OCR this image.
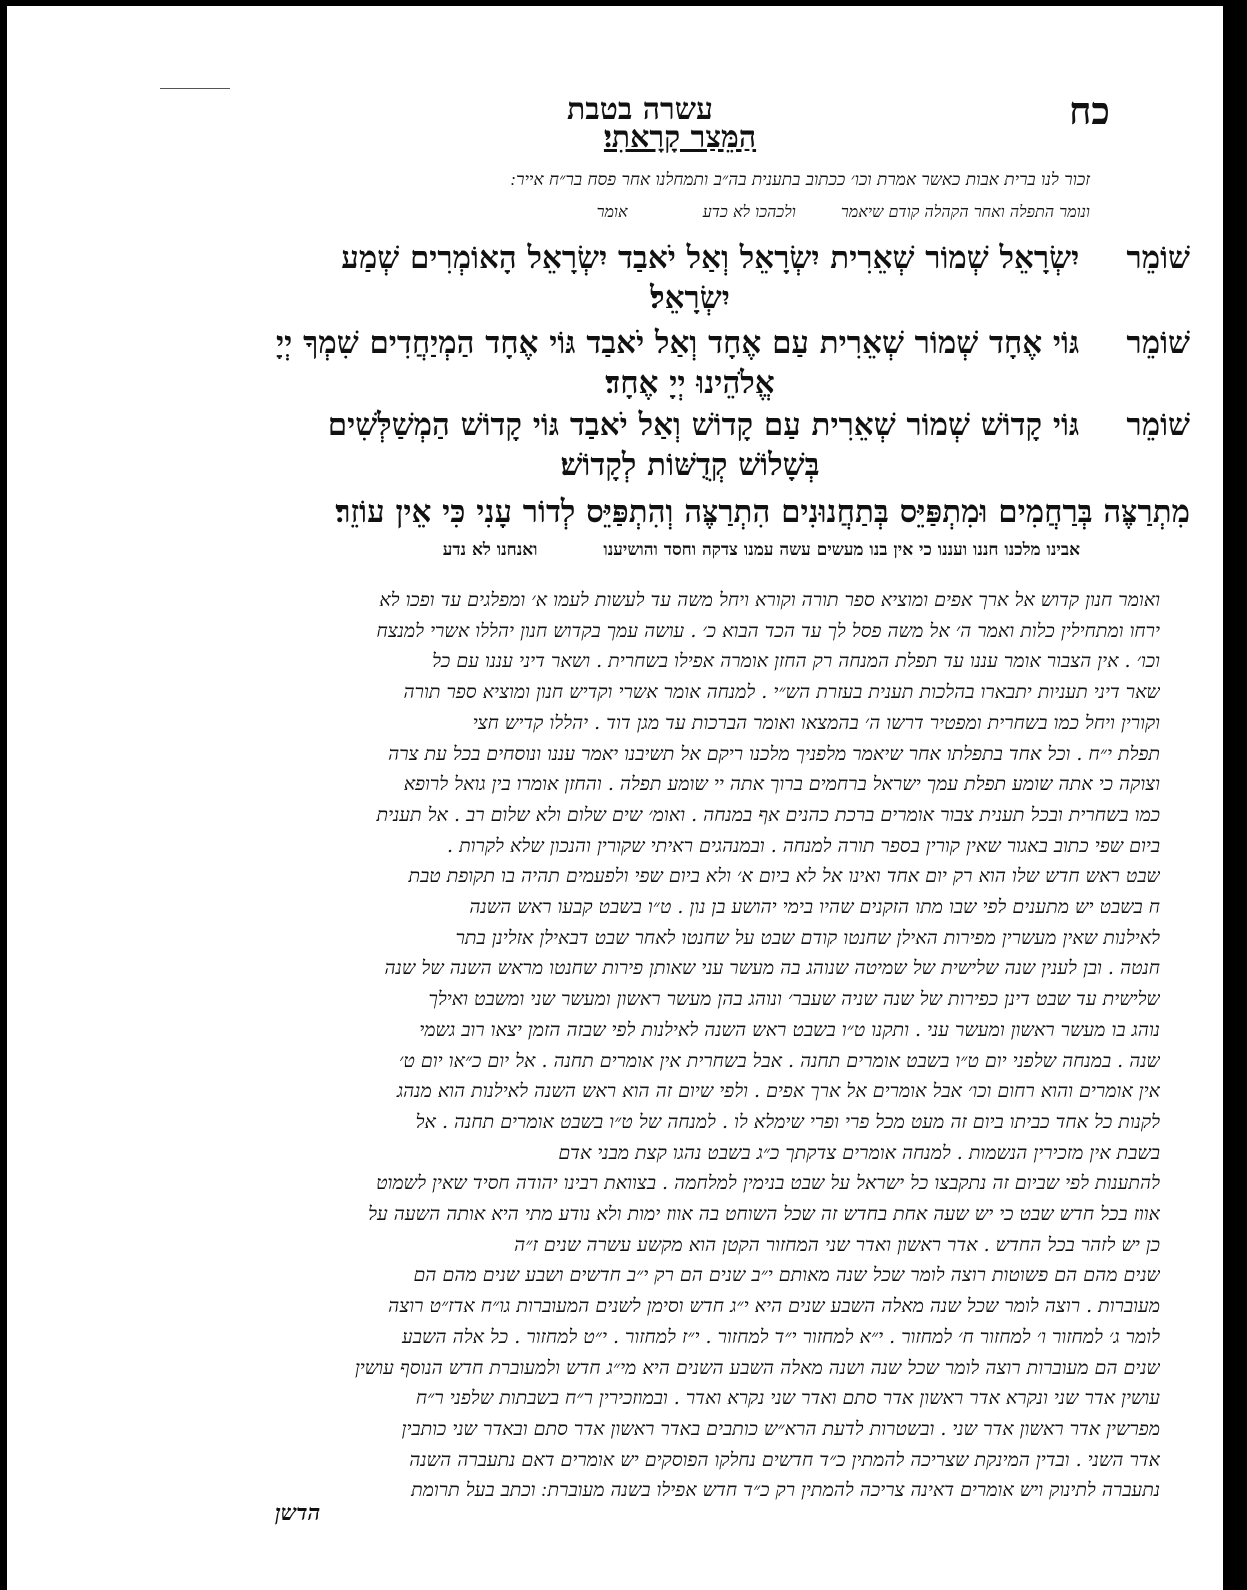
כח
עשרה בטבת
הַמֵּצַר קָרָאתִי׃
זכור לנו ברית אבות כאשר אמרת וכו׳ ככתוב בתענית בה״ב ותמחלנו אחר פסח בר״ח אייר ׃
ונומר התפלה ואחר הקהלה קודם שיאמר ולכהכו לא כדע אומר
שׁוֹמֵר יִשְׂרָאֵל שְׁמוֹר שְׁאֵרִית יִשְׂרָאֵל וְאַל יֹאבַד יִשְׂרָאֵל הָאוֹמְרִים שְׁמַע
יִשְׂרָאֵל׃
שׁוֹמֵר גּוֹי אֶחָד שְׁמוֹר שְׁאֵרִית עַם אֶחָד וְאַל יֹאבַד גּוֹי אֶחָד הַמְיַחֲדִים שִׁמְךָ יְיָ
אֱלֹהֵינוּ יְיָ אֶחָד׃
שׁוֹמֵר גּוֹי קָדוֹשׁ שְׁמוֹר שְׁאֵרִית עַם קָדוֹשׁ וְאַל יֹאבַד גּוֹי קָדוֹשׁ הַמְשַׁלְּשִׁים
בְּשָׁלוֹשׁ קְדֻשּׁוֹת לְקָדוֹשׁ׃
מִתְרַצֶּה בְּרַחֲמִים וּמִתְפַּיֵּס בְּתַחֲנוּנִים הִתְרַצֶּה וְהִתְפַּיֵּס לְדוֹר עָנִי כִּי אֵין עוֹזֵר׃
אבינו מלכנו חננו ועננו כי אין בנו מעשים עשה עמנו צדקה וחסד והושיענו ואנחנו לא נדע

ואומר חנון קדוש אל ארך אפים ומוציא ספר תורה וקורא ויחל משה עד לעשות לעמו א׳ ומפלגים עד ופכו לא

ירחו ומתחילין כלות ואמר ה׳ אל משה פסל לך עד הכד הבוא כ׳ . עושה עמך בקדוש חנון יהללו אשרי למנצח

וכו׳ . אין הצבור אומר עננו עד תפלת המנחה רק החזן אומרה אפילו בשחרית . ושאר דיני עננו עם כל

שאר דיני תעניות יתבארו בהלכות תענית בעזרת הש״י . למנחה אומר אשרי וקדיש חנון ומוציא ספר תורה

וקורין ויחל כמו בשחרית ומפטיר דרשו ה׳ בהמצאו ואומר הברכות עד מגן דוד . יהללו קדיש חצי

תפלת י״ח . וכל אחד בתפלתו אחר שיאמר מלפניך מלכנו ריקם אל תשיבנו יאמר עננו ונוסחים בכל עת צרה

וצוקה כי אתה שומע תפלת עמך ישראל ברחמים ברוך אתה יי שומע תפלה . והחזן אומרו בין גואל לרופא

כמו בשחרית ובכל תענית צבור אומרים ברכת כהנים אף במנחה . ואומ׳ שים שלום ולא שלום רב . אל תענית

ביום שפי כתוב באגור שאין קורין בספר תורה למנחה . ובמנהגים ראיתי שקורין והנכון שלא לקרות .

שבט ראש חדש שלו הוא רק יום אחד ואינו אל לא ביום א׳ ולא ביום שפי ולפעמים תהיה בו תקופת טבת

ח בשבט יש מתענים לפי שבו מתו הזקנים שהיו בימי יהושע בן נון . ט״ו בשבט קבעו ראש השנה

לאילנות שאין מעשרין מפירות האילן שחנטו קודם שבט על שחנטו לאחר שבט דבאילן אזלינן בתר

חנטה . ובן לענין שנה שלישית של שמיטה שנוהג בה מעשר עני שאותן פירות שחנטו מראש השנה של שנה

שלישית עד שבט דינן כפירות של שנה שניה שעבר׳ ונוהג בהן מעשר ראשון ומעשר שני ומשבט ואילך

נוהג בו מעשר ראשון ומעשר עני . ותקנו ט״ו בשבט ראש השנה לאילנות לפי שבזה הזמן יצאו רוב גשמי

שנה . במנחה שלפני יום ט״ו בשבט אומרים תחנה . אבל בשחרית אין אומרים תחנה . אל יום כ״או יום ט׳

אין אומרים והוא רחום וכו׳ אבל אומרים אל ארך אפים . ולפי שיום זה הוא ראש השנה לאילנות הוא מנהג

לקנות כל אחד כביתו ביום זה מעט מכל פרי ופרי שימלא לו . למנחה של ט״ו בשבט אומרים תחנה . אל

בשבת אין מזכירין הנשמות . למנחה אומרים צדקתך כ״ג בשבט נהגו קצת מבני אדם

להתענות לפי שביום זה נתקבצו כל ישראל על שבט בנימין למלחמה . בצוואת רבינו יהודה חסיד שאין לשמוט

אווז בכל חדש שבט כי יש שעה אחת בחדש זה שכל השוחט בה אווז ימות ולא נודע מתי היא אותה השעה על

כן יש לזהר בכל החדש . אדר ראשון ואדר שני המחזור הקטן הוא מקשע עשרה שנים ז״ה

שנים מהם הם פשוטות רוצה לומר שכל שנה מאותם י״ב שנים הם רק י״ב חדשים ושבע שנים מהם הם

מעוברות . רוצה לומר שכל שנה מאלה השבע שנים היא י״ג חדש וסימן לשנים המעוברות גו״ח אדז״ט רוצה

לומר ג׳ למחזור ו׳ למחזור ח׳ למחזור . י״א למחזור י״ד למחזור . י״ז למחזור . י״ט למחזור . כל אלה השבע

שנים הם מעוברות רוצה לומר שכל שנה ושנה מאלה השבע השנים היא מי״ג חדש ולמעוברת חדש הנוסף עושין

עושין אדר שני ונקרא אדר ראשון אדר סתם ואדר שני נקרא ואדר . ובמוזכירין ר״ח בשבתות שלפני ר״ח

מפרשין אדר ראשון אדר שני . ובשטרות לדעת הרא״ש כותבים באדר ראשון אדר סתם ובאדר שני כותבין

אדר השני . ובדין המינקת שצריכה להמתין כ״ד חדשים נחלקו הפוסקים יש אומרים דאם נתעברה השנה

נתעברה לתינוק ויש אומרים דאינה צריכה להמתין רק כ״ד חדש אפילו בשנה מעוברת ׃ וכתב בעל תרומת

הדשן
